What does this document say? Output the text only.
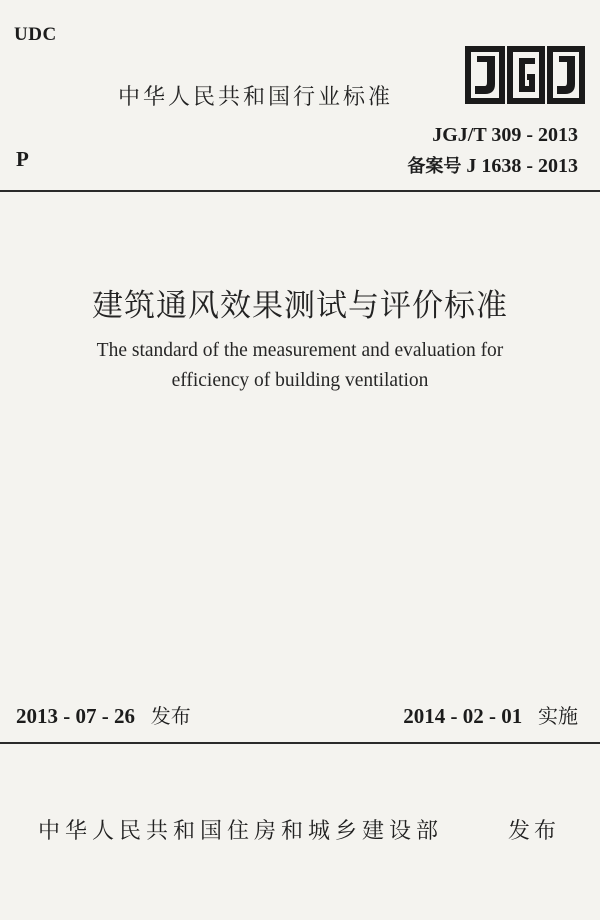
UDC
中华人民共和国行业标准
JGJ/T 309 - 2013
P	备案号 J 1638 - 2013
建筑通风效果测试与评价标准
The standard of the measurement and evaluation for
efficiency of building ventilation
2013 - 07 - 26 发布	2014 - 02 - 01 实施
中华人民共和国住房和城乡建设部	发布
